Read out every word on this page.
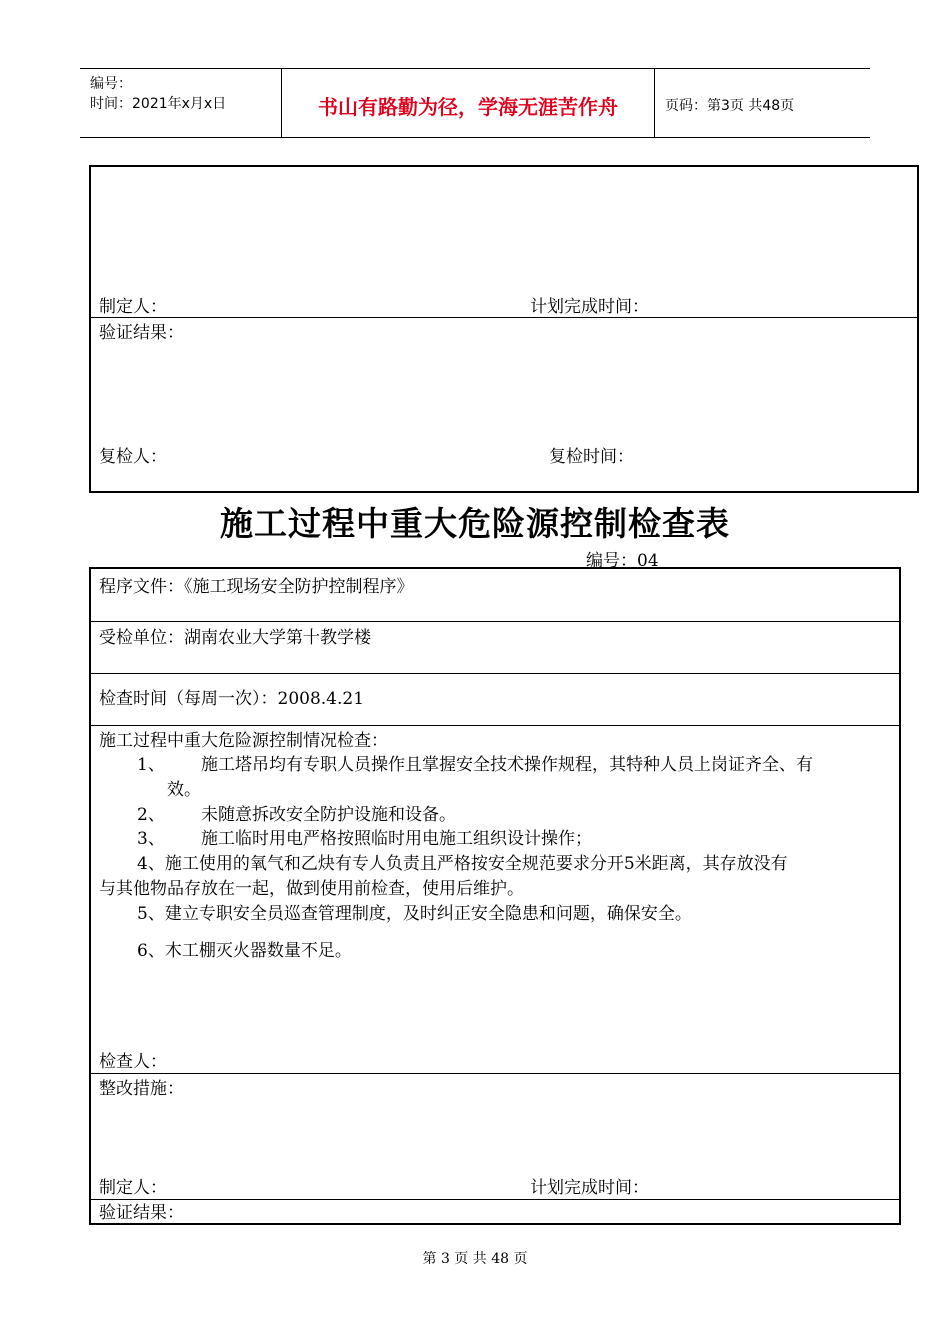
编号：
时间：2021年x月x日	书山有路勤为径，学海无涯苦作舟	页码：第3页 共48页
制定人：	计划完成时间：
验证结果：
复检人：	复检时间：
施工过程中重大危险源控制检查表
编号：04
程序文件：《施工现场安全防护控制程序》
受检单位：湖南农业大学第十教学楼
检查时间（每周一次）：2008.4.21
施工过程中重大危险源控制情况检查：
1、 施工塔吊均有专职人员操作且掌握安全技术操作规程，其特种人员上岗证齐全、有
效。
2、 未随意拆改安全防护设施和设备。
3、 施工临时用电严格按照临时用电施工组织设计操作；
4、施工使用的氧气和乙炔有专人负责且严格按安全规范要求分开5米距离，其存放没有
与其他物品存放在一起，做到使用前检查，使用后维护。
5、建立专职安全员巡查管理制度，及时纠正安全隐患和问题，确保安全。
6、木工棚灭火器数量不足。
检查人：
整改措施：
制定人：	计划完成时间：
验证结果：
第 3 页 共 48 页
